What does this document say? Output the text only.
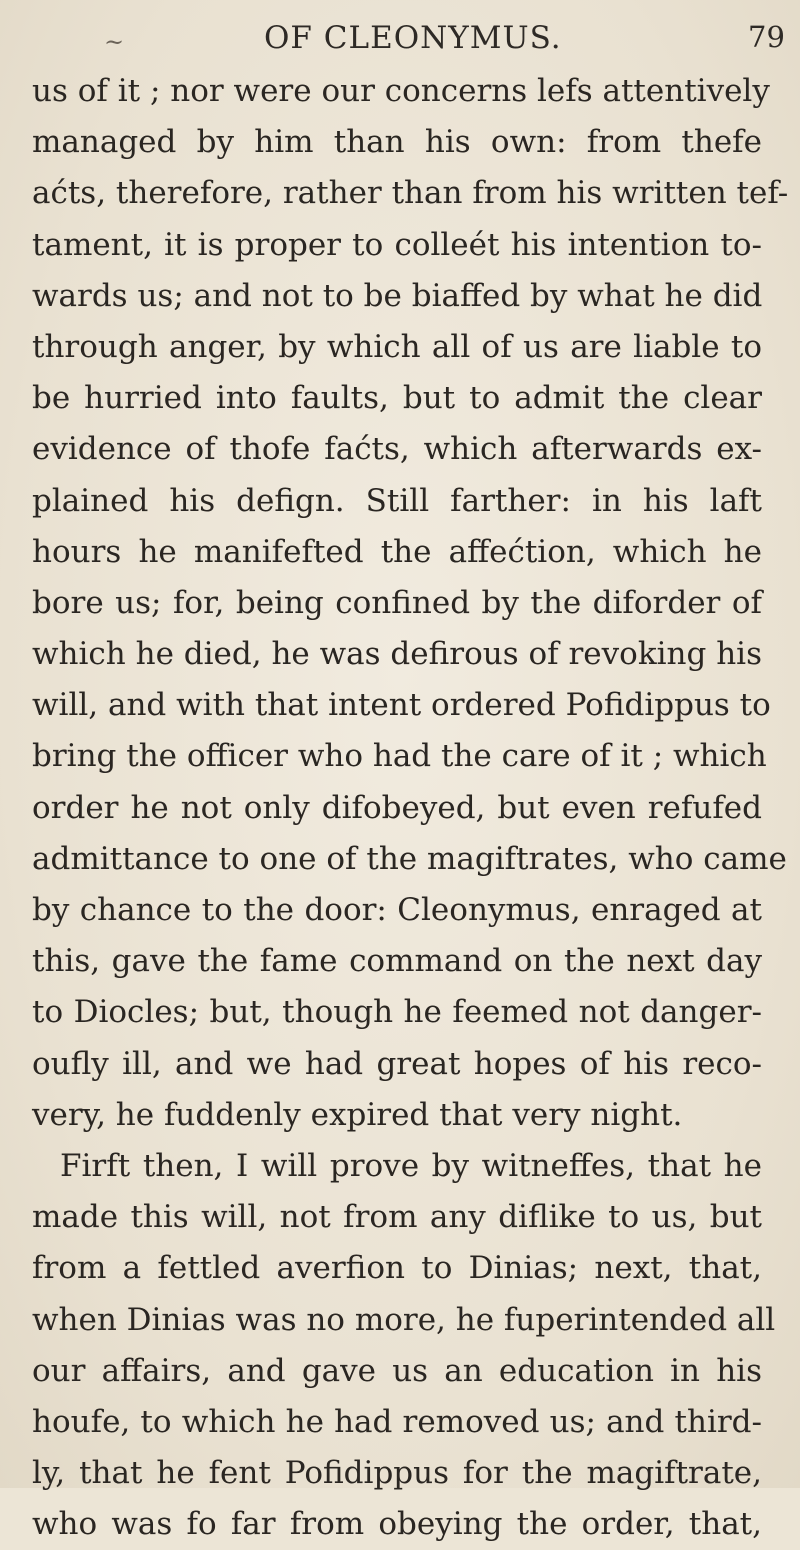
~	OF CLEONYMUS.	79
us of it ; nor were our concerns lefs attentively
managed by him than his own: from thefe
aćts, therefore, rather than from his written tef-
tament, it is proper to colleét his intention to-
wards us; and not to be biaffed by what he did
through anger, by which all of us are liable to
be hurried into faults, but to admit the clear
evidence of thofe faćts, which afterwards ex-
plained his defign. Still farther: in his laft
hours he manifefted the affećtion, which he
bore us; for, being confined by the diforder of
which he died, he was defirous of revoking his
will, and with that intent ordered Pofidippus to
bring the officer who had the care of it ; which
order he not only difobeyed, but even refufed
admittance to one of the magiftrates, who came
by chance to the door: Cleonymus, enraged at
this, gave the fame command on the next day
to Diocles; but, though he feemed not danger-
oufly ill, and we had great hopes of his reco-
very, he fuddenly expired that very night.
Firft then, I will prove by witneffes, that he
made this will, not from any diflike to us, but
from a fettled averfion to Dinias; next, that,
when Dinias was no more, he fuperintended all
our affairs, and gave us an education in his
houfe, to which he had removed us; and third-
ly, that he fent Pofidippus for the magiftrate,
who was fo far from obeying the order, that,
